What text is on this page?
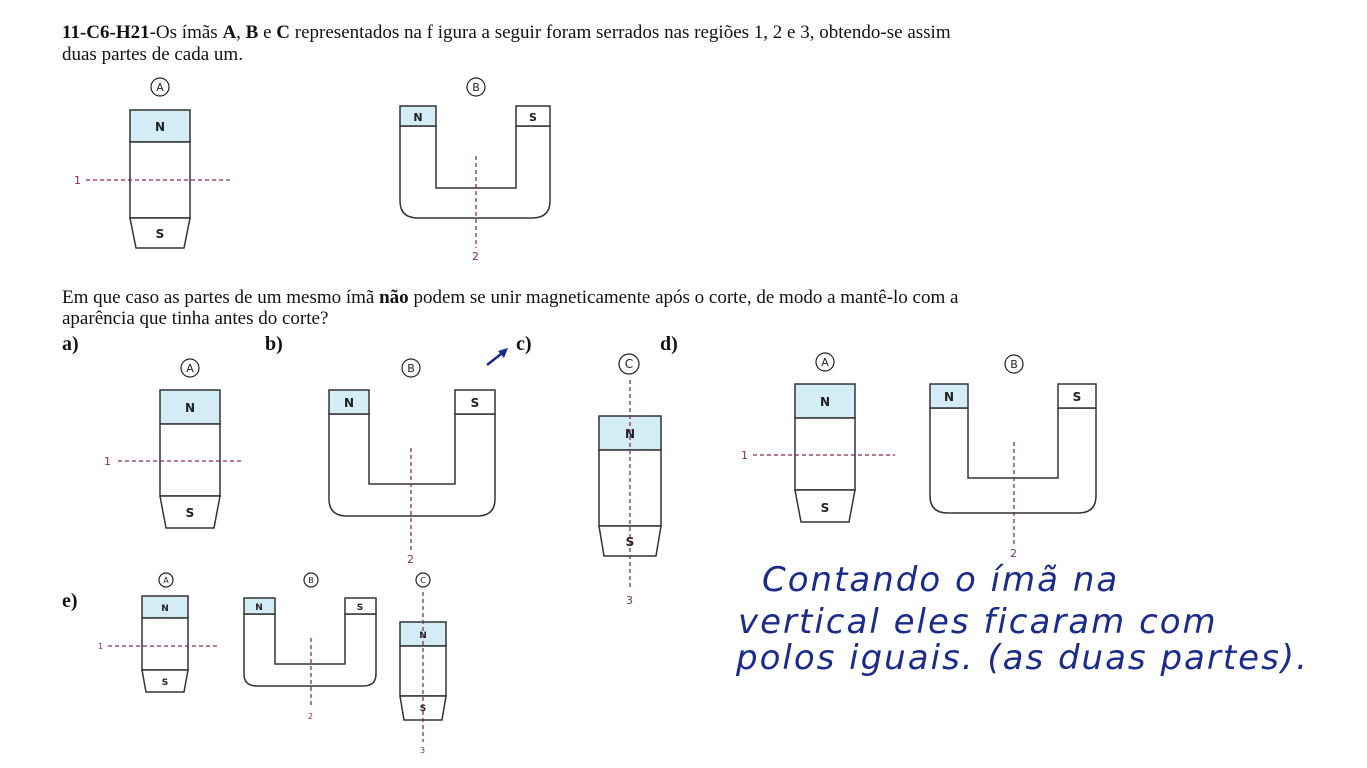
11-C6-H21-Os ímãs A, B e C representados na f igura a seguir foram serrados nas regiões 1, 2 e 3, obtendo-se assim
duas partes de cada um.
Em que caso as partes de um mesmo ímã não podem se unir magneticamente após o corte, de modo a mantê-lo com a
aparência que tinha antes do corte?
a)	b)	c)	d)
e)
A
N
S
1
B
N	S
2
A
N
S
1
B
N	S
2
C
N
S
3
A
N
S
1
B
N	S
2
A
N
S
1
B
N	S
2
C
N
S
3
Contando o ímã na
vertical eles ficaram com
polos iguais. (as duas partes).
